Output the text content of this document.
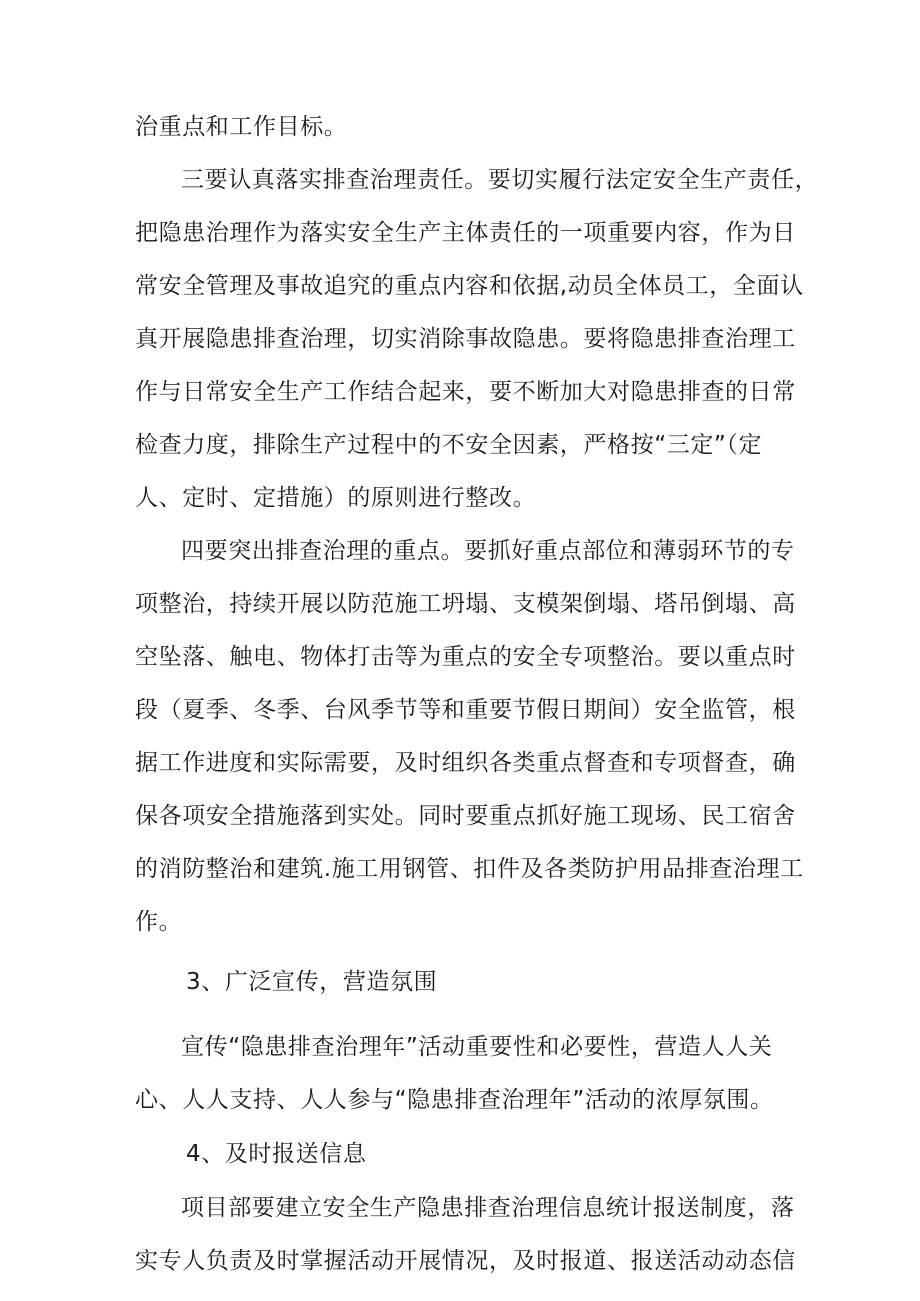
治重点和工作目标。
三要认真落实排查治理责任。要切实履行法定安全生产责任，
把隐患治理作为落实安全生产主体责任的一项重要内容，作为日
常安全管理及事故追究的重点内容和依据,动员全体员工，全面认
真开展隐患排查治理，切实消除事故隐患。要将隐患排查治理工
作与日常安全生产工作结合起来，要不断加大对隐患排查的日常
检查力度，排除生产过程中的不安全因素，严格按“三定”（定
人、定时、定措施）的原则进行整改。
四要突出排查治理的重点。要抓好重点部位和薄弱环节的专
项整治，持续开展以防范施工坍塌、支模架倒塌、塔吊倒塌、高
空坠落、触电、物体打击等为重点的安全专项整治。要以重点时
段（夏季、冬季、台风季节等和重要节假日期间）安全监管，根
据工作进度和实际需要，及时组织各类重点督查和专项督查，确
保各项安全措施落到实处。同时要重点抓好施工现场、民工宿舍
的消防整治和建筑.施工用钢管、扣件及各类防护用品排查治理工
作。
3、广泛宣传，营造氛围
宣传“隐患排查治理年”活动重要性和必要性，营造人人关
心、人人支持、人人参与“隐患排查治理年”活动的浓厚氛围。
4、及时报送信息
项目部要建立安全生产隐患排查治理信息统计报送制度，落
实专人负责及时掌握活动开展情况，及时报道、报送活动动态信
